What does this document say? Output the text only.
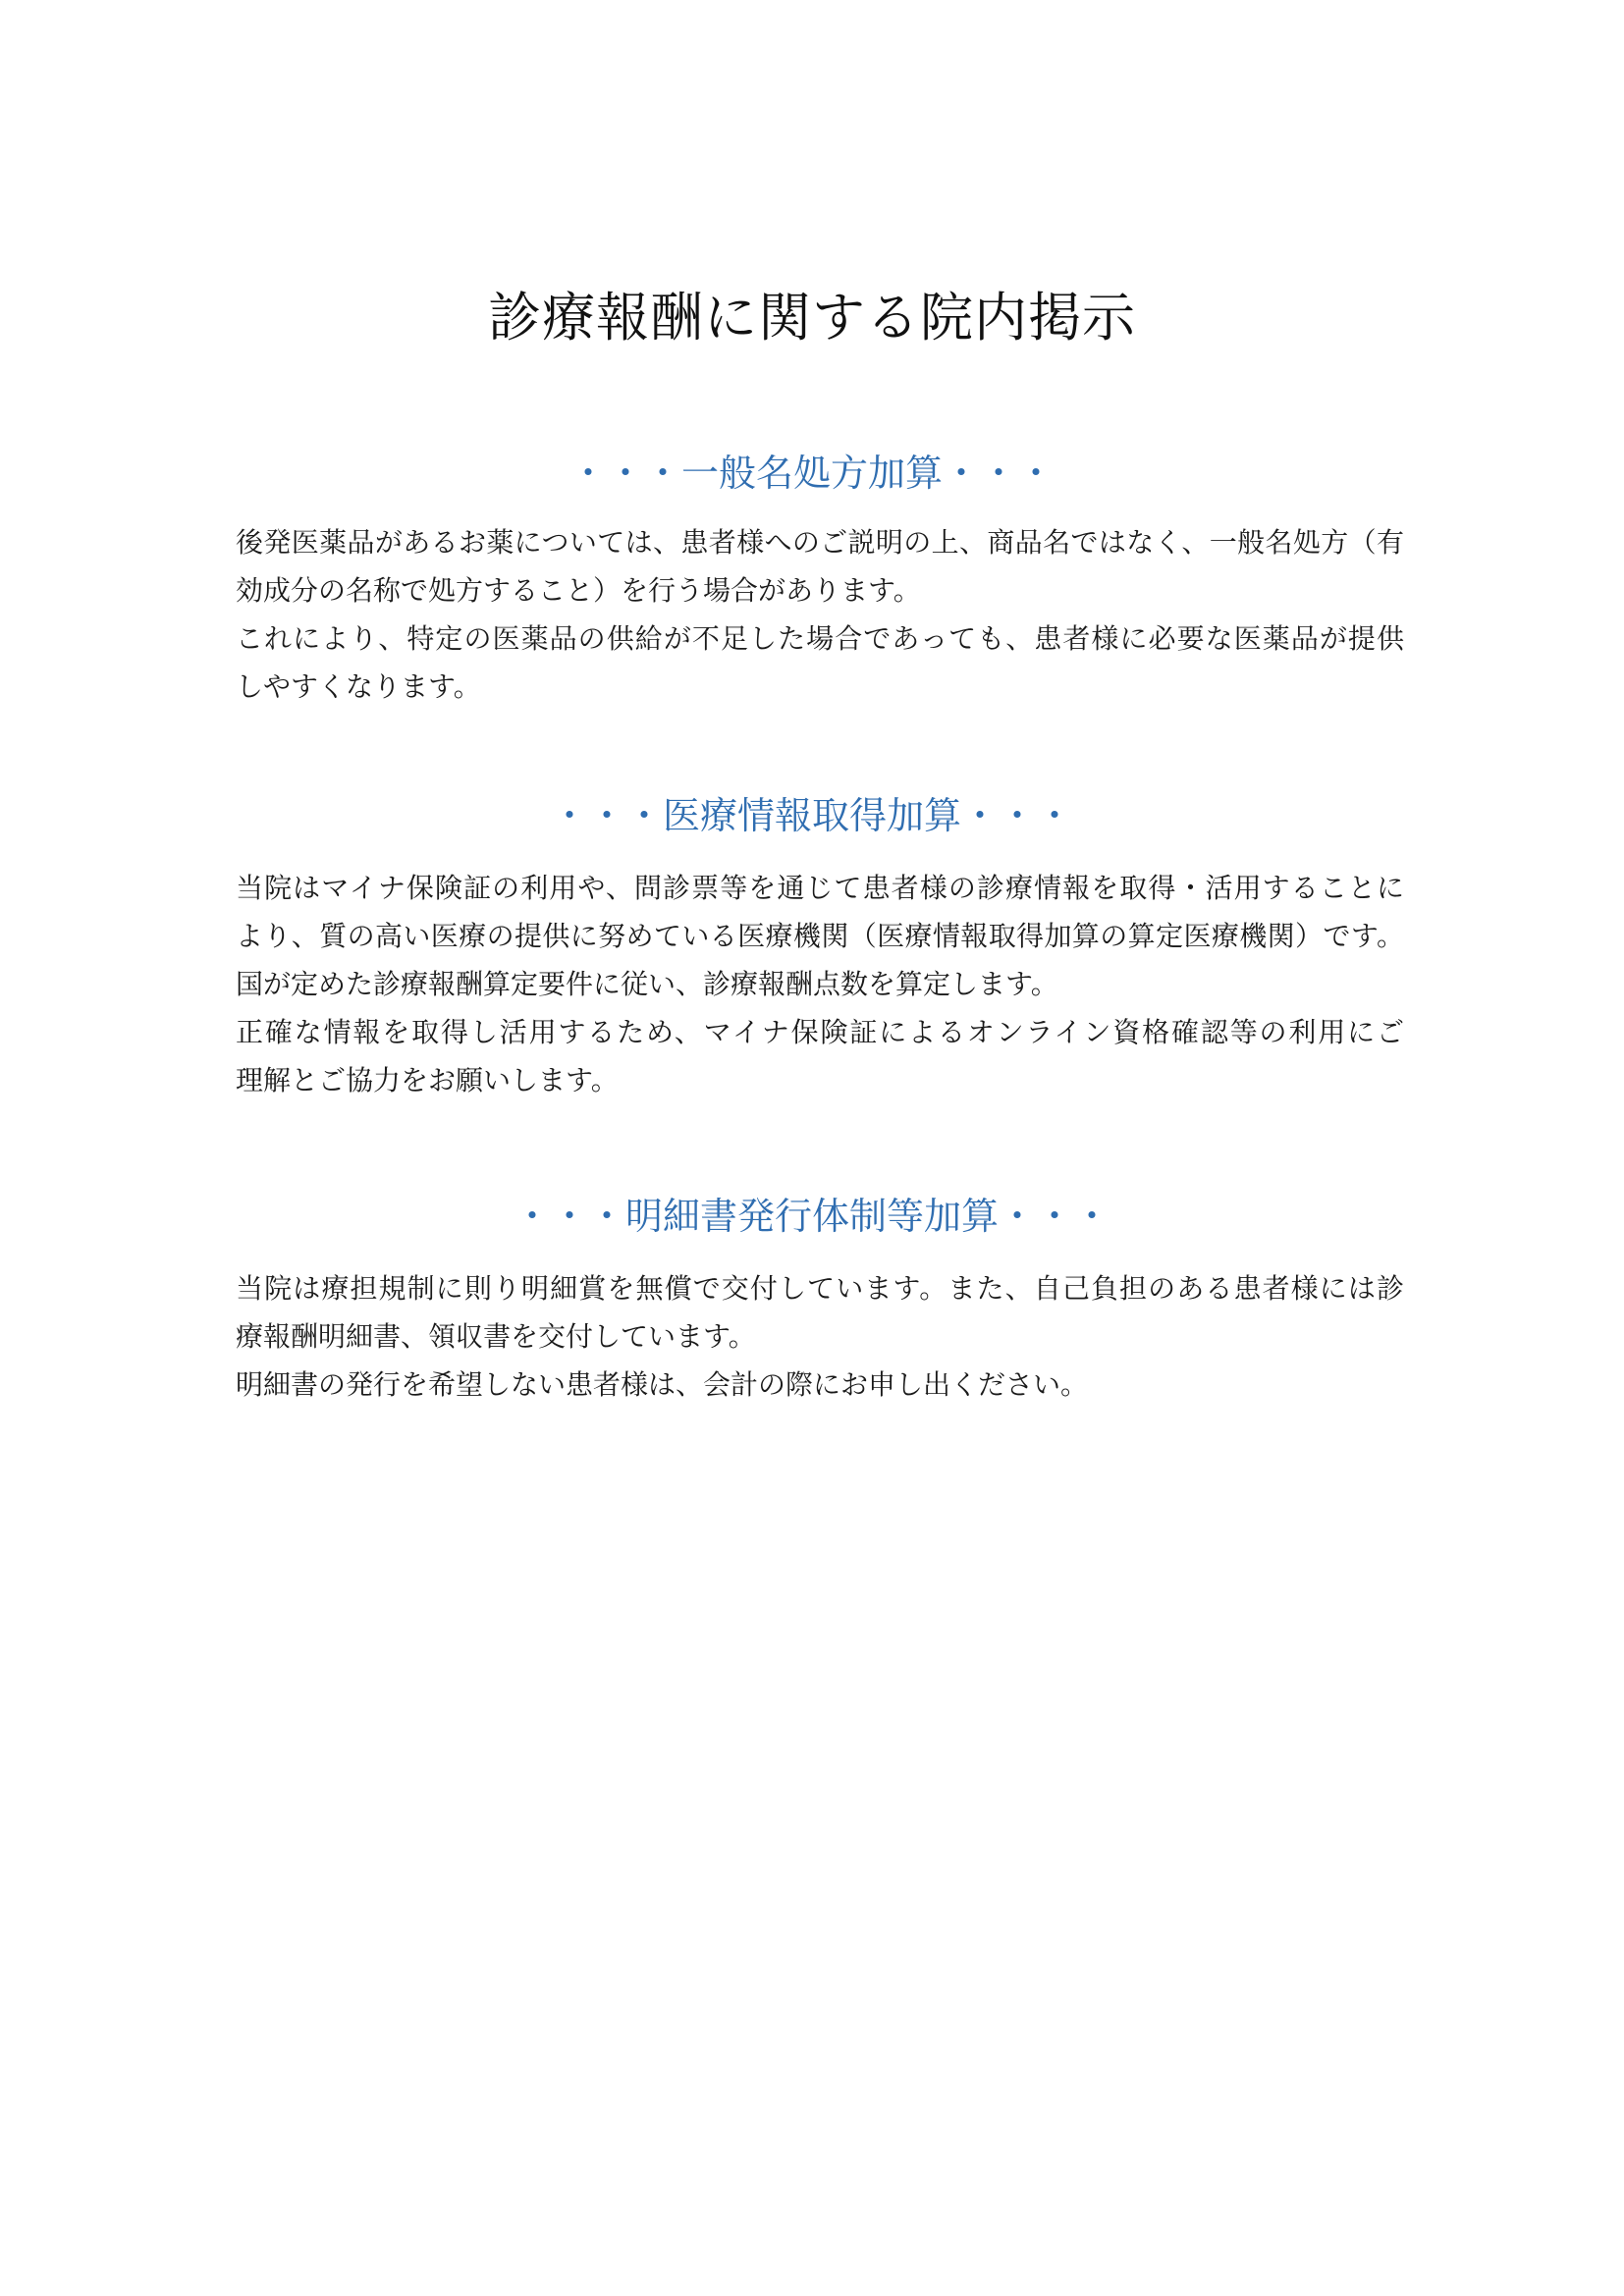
診療報酬に関する院内掲示
・・・一般名処方加算・・・
後発医薬品があるお薬については、患者様へのご説明の上、商品名ではなく、一般名処方（有
効成分の名称で処方すること）を行う場合があります。
これにより、特定の医薬品の供給が不足した場合であっても、患者様に必要な医薬品が提供
しやすくなります。
・・・医療情報取得加算・・・
当院はマイナ保険証の利用や、問診票等を通じて患者様の診療情報を取得・活用することに
より、質の高い医療の提供に努めている医療機関（医療情報取得加算の算定医療機関）です。
国が定めた診療報酬算定要件に従い、診療報酬点数を算定します。
正確な情報を取得し活用するため、マイナ保険証によるオンライン資格確認等の利用にご
理解とご協力をお願いします。
・・・明細書発行体制等加算・・・
当院は療担規制に則り明細賞を無償で交付しています。また、自己負担のある患者様には診
療報酬明細書、領収書を交付しています。
明細書の発行を希望しない患者様は、会計の際にお申し出ください。
